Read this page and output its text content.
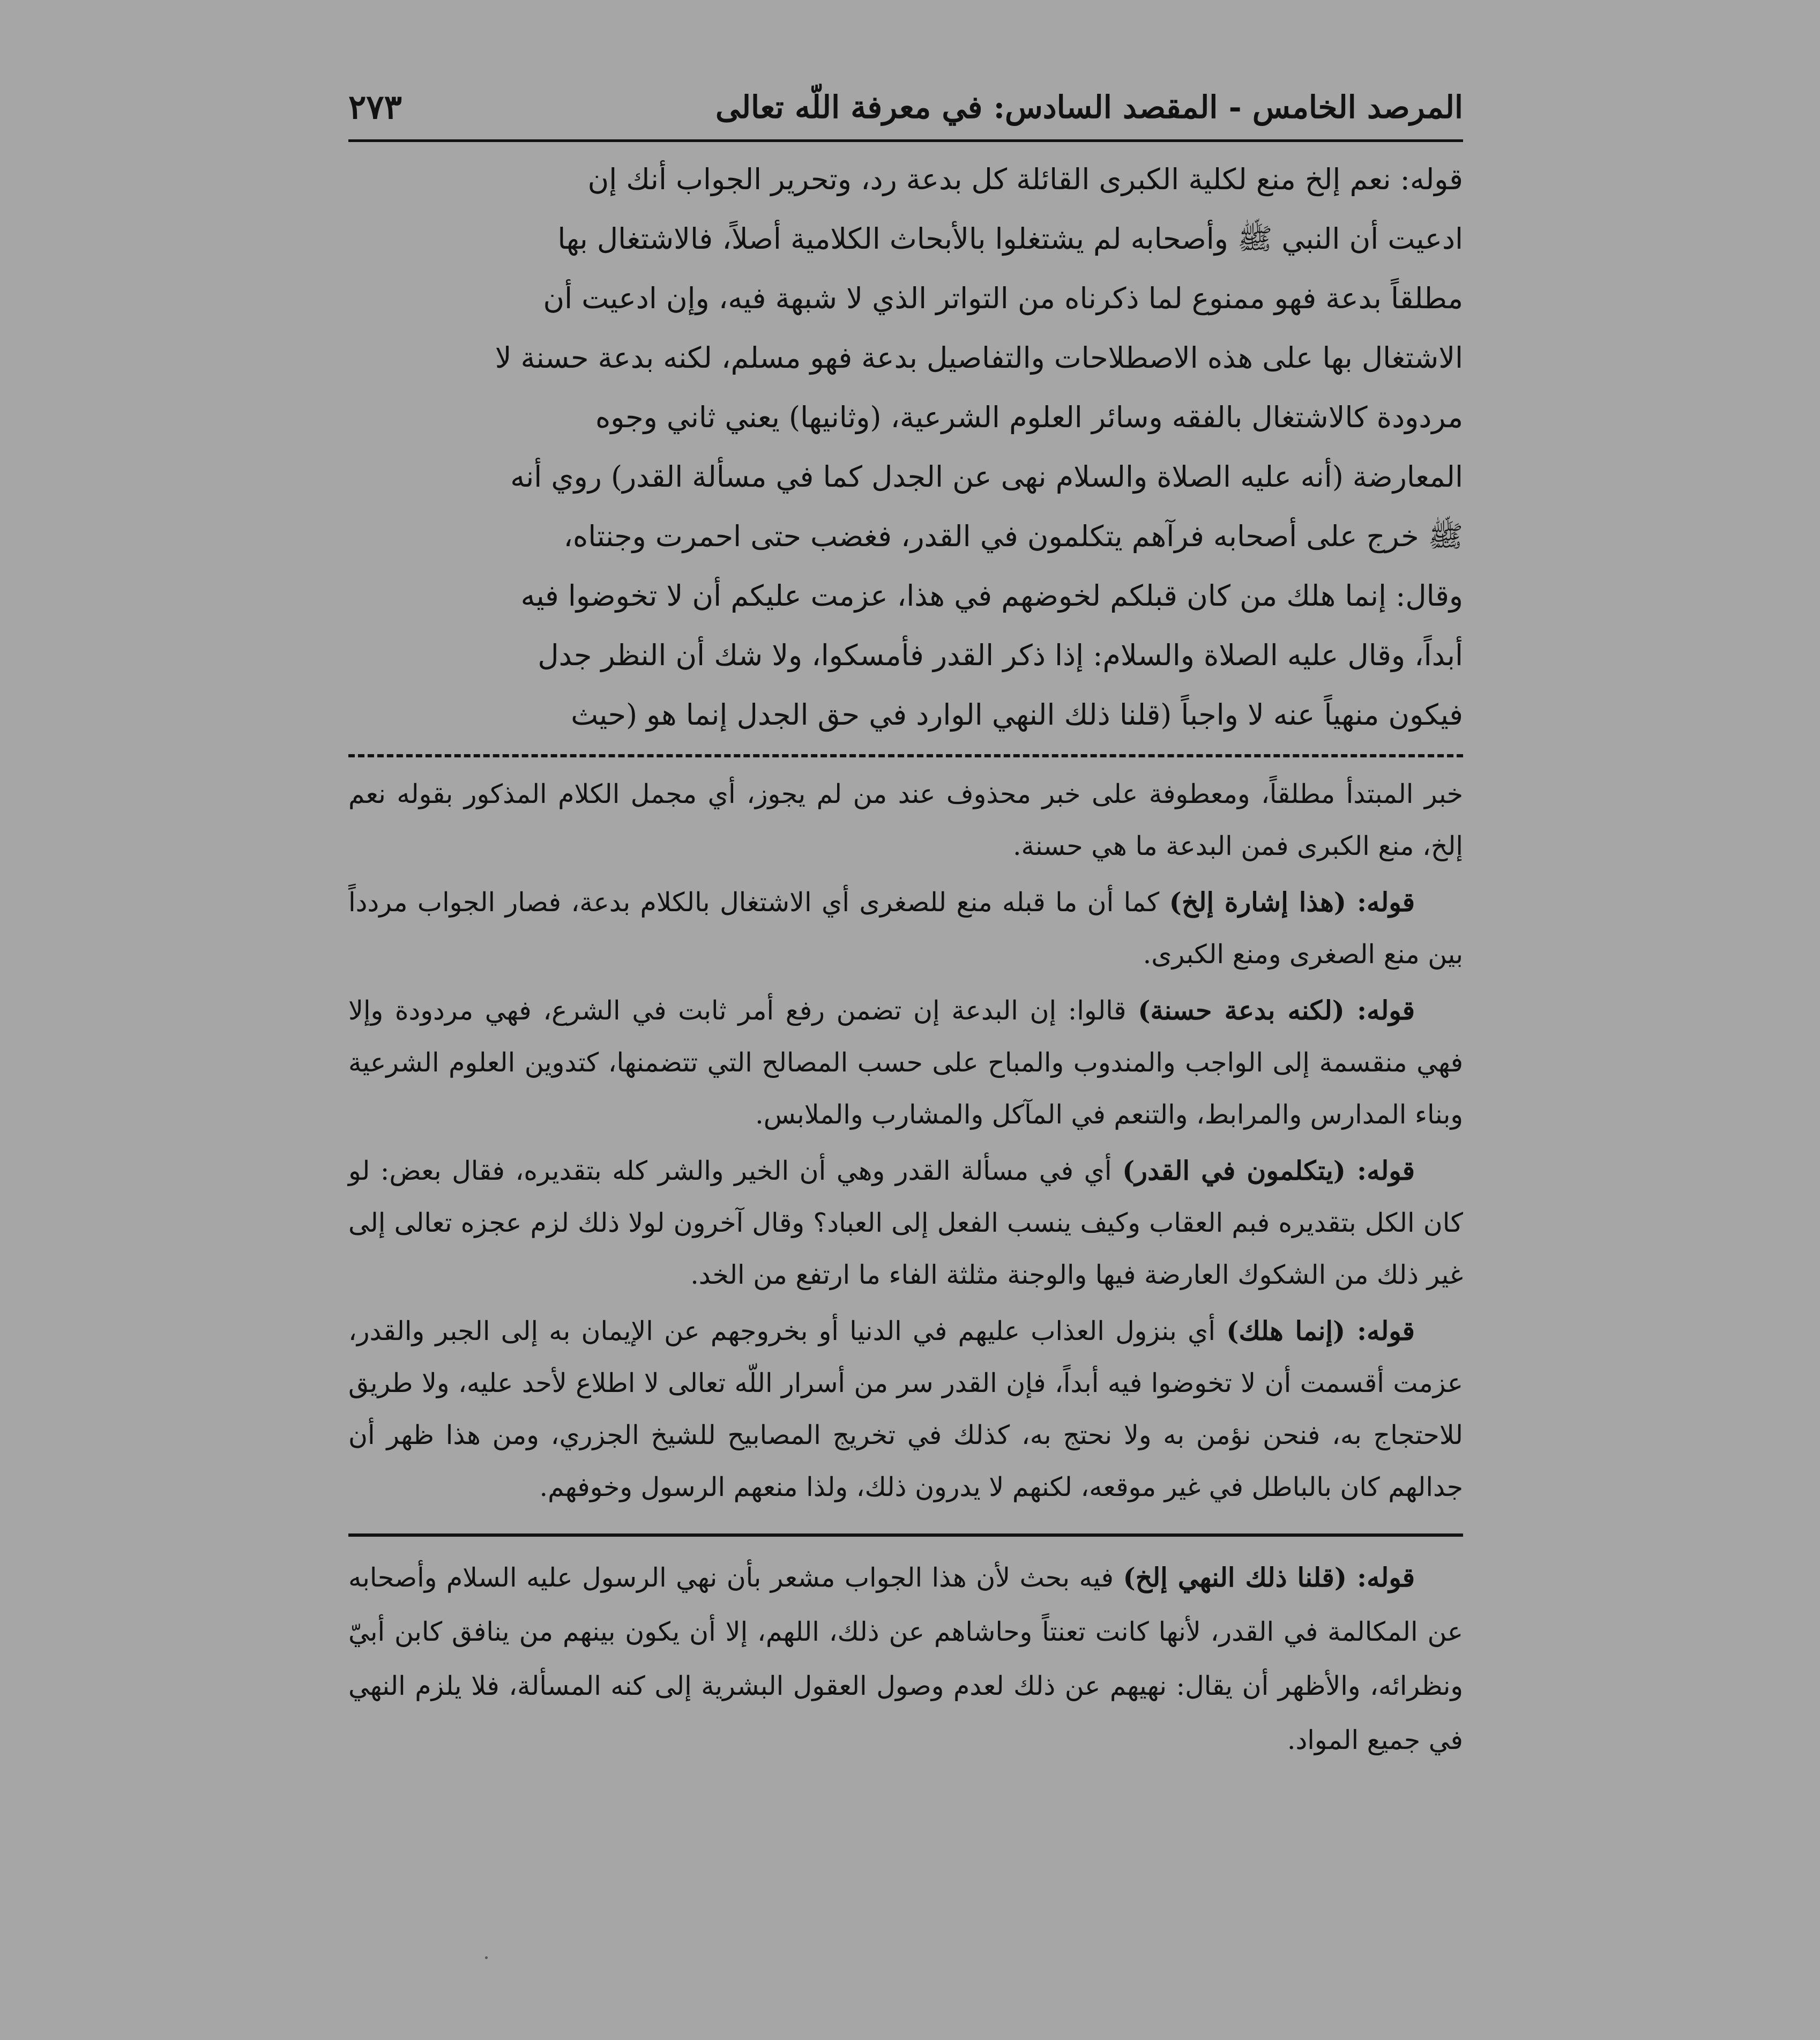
المرصد الخامس - المقصد السادس: في معرفة اللّه تعالى
٢٧٣
قوله: نعم إلخ منع لكلية الكبرى القائلة كل بدعة رد، وتحرير الجواب أنك إن
ادعيت أن النبي ﷺ وأصحابه لم يشتغلوا بالأبحاث الكلامية أصلاً، فالاشتغال بها
مطلقاً بدعة فهو ممنوع لما ذكرناه من التواتر الذي لا شبهة فيه، وإن ادعيت أن
الاشتغال بها على هذه الاصطلاحات والتفاصيل بدعة فهو مسلم، لكنه بدعة حسنة لا
مردودة كالاشتغال بالفقه وسائر العلوم الشرعية، (وثانيها) يعني ثاني وجوه
المعارضة (أنه عليه الصلاة والسلام نهى عن الجدل كما في مسألة القدر) روي أنه
ﷺ خرج على أصحابه فرآهم يتكلمون في القدر، فغضب حتى احمرت وجنتاه،
وقال: إنما هلك من كان قبلكم لخوضهم في هذا، عزمت عليكم أن لا تخوضوا فيه
أبداً، وقال عليه الصلاة والسلام: إذا ذكر القدر فأمسكوا، ولا شك أن النظر جدل
فيكون منهياً عنه لا واجباً (قلنا ذلك النهي الوارد في حق الجدل إنما هو (حيث

خبر المبتدأ مطلقاً، ومعطوفة على خبر محذوف عند من لم يجوز، أي مجمل الكلام المذكور بقوله نعم إلخ، منع الكبرى فمن البدعة ما هي حسنة.

قوله: (هذا إشارة إلخ) كما أن ما قبله منع للصغرى أي الاشتغال بالكلام بدعة، فصار الجواب مردداً بين منع الصغرى ومنع الكبرى.

قوله: (لكنه بدعة حسنة) قالوا: إن البدعة إن تضمن رفع أمر ثابت في الشرع، فهي مردودة وإلا فهي منقسمة إلى الواجب والمندوب والمباح على حسب المصالح التي تتضمنها، كتدوين العلوم الشرعية وبناء المدارس والمرابط، والتنعم في المآكل والمشارب والملابس.

قوله: (يتكلمون في القدر) أي في مسألة القدر وهي أن الخير والشر كله بتقديره، فقال بعض: لو كان الكل بتقديره فبم العقاب وكيف ينسب الفعل إلى العباد؟ وقال آخرون لولا ذلك لزم عجزه تعالى إلى غير ذلك من الشكوك العارضة فيها والوجنة مثلثة الفاء ما ارتفع من الخد.

قوله: (إنما هلك) أي بنزول العذاب عليهم في الدنيا أو بخروجهم عن الإيمان به إلى الجبر والقدر، عزمت أقسمت أن لا تخوضوا فيه أبداً، فإن القدر سر من أسرار اللّه تعالى لا اطلاع لأحد عليه، ولا طريق للاحتجاج به، فنحن نؤمن به ولا نحتج به، كذلك في تخريج المصابيح للشيخ الجزري، ومن هذا ظهر أن جدالهم كان بالباطل في غير موقعه، لكنهم لا يدرون ذلك، ولذا منعهم الرسول وخوفهم.

قوله: (قلنا ذلك النهي إلخ) فيه بحث لأن هذا الجواب مشعر بأن نهي الرسول عليه السلام وأصحابه عن المكالمة في القدر، لأنها كانت تعنتاً وحاشاهم عن ذلك، اللهم، إلا أن يكون بينهم من ينافق كابن أبيّ ونظرائه، والأظهر أن يقال: نهيهم عن ذلك لعدم وصول العقول البشرية إلى كنه المسألة، فلا يلزم النهي في جميع المواد.
